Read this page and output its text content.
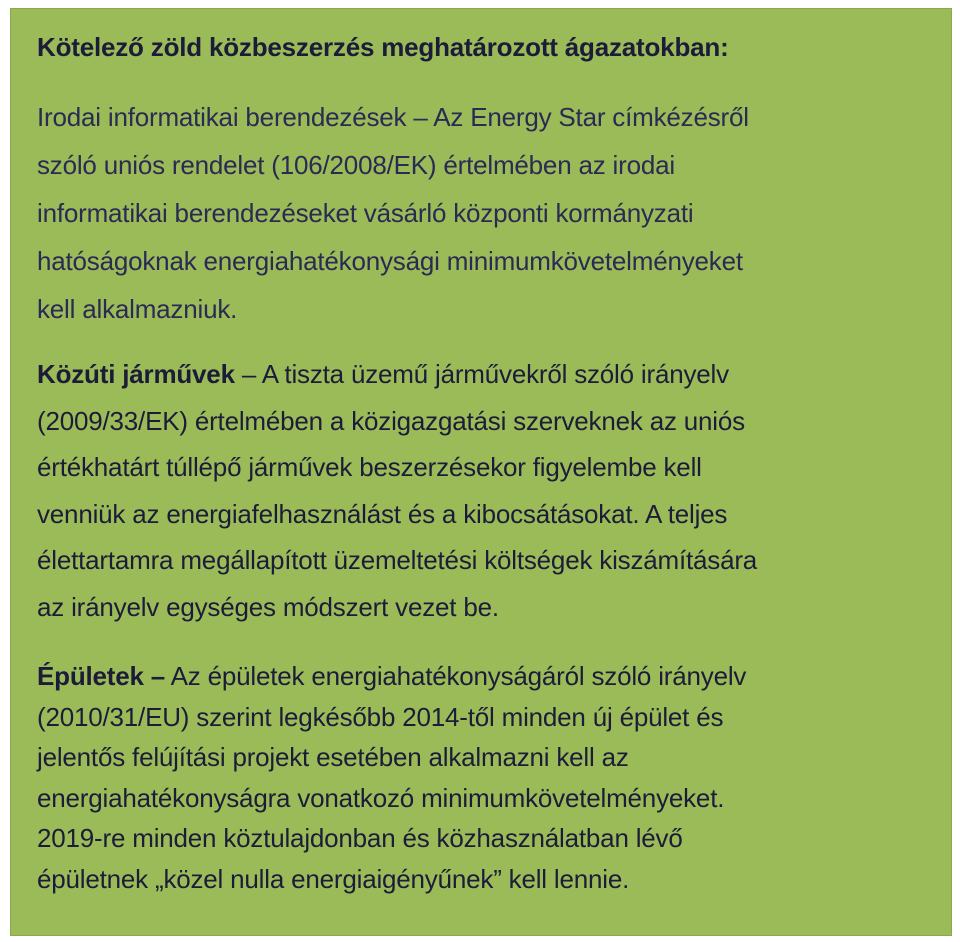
Kötelező zöld közbeszerzés meghatározott ágazatokban:
Irodai informatikai berendezések – Az Energy Star címkézésről
szóló uniós rendelet (106/2008/EK) értelmében az irodai
informatikai berendezéseket vásárló központi kormányzati
hatóságoknak energiahatékonysági minimumkövetelményeket
kell alkalmazniuk.
Közúti járművek – A tiszta üzemű járművekről szóló irányelv
(2009/33/EK) értelmében a közigazgatási szerveknek az uniós
értékhatárt túllépő járművek beszerzésekor figyelembe kell
venniük az energiafelhasználást és a kibocsátásokat. A teljes
élettartamra megállapított üzemeltetési költségek kiszámítására
az irányelv egységes módszert vezet be.
Épületek – Az épületek energiahatékonyságáról szóló irányelv
(2010/31/EU) szerint legkésőbb 2014-től minden új épület és
jelentős felújítási projekt esetében alkalmazni kell az
energiahatékonyságra vonatkozó minimumkövetelményeket.
2019-re minden köztulajdonban és közhasználatban lévő
épületnek „közel nulla energiaigényűnek” kell lennie.
